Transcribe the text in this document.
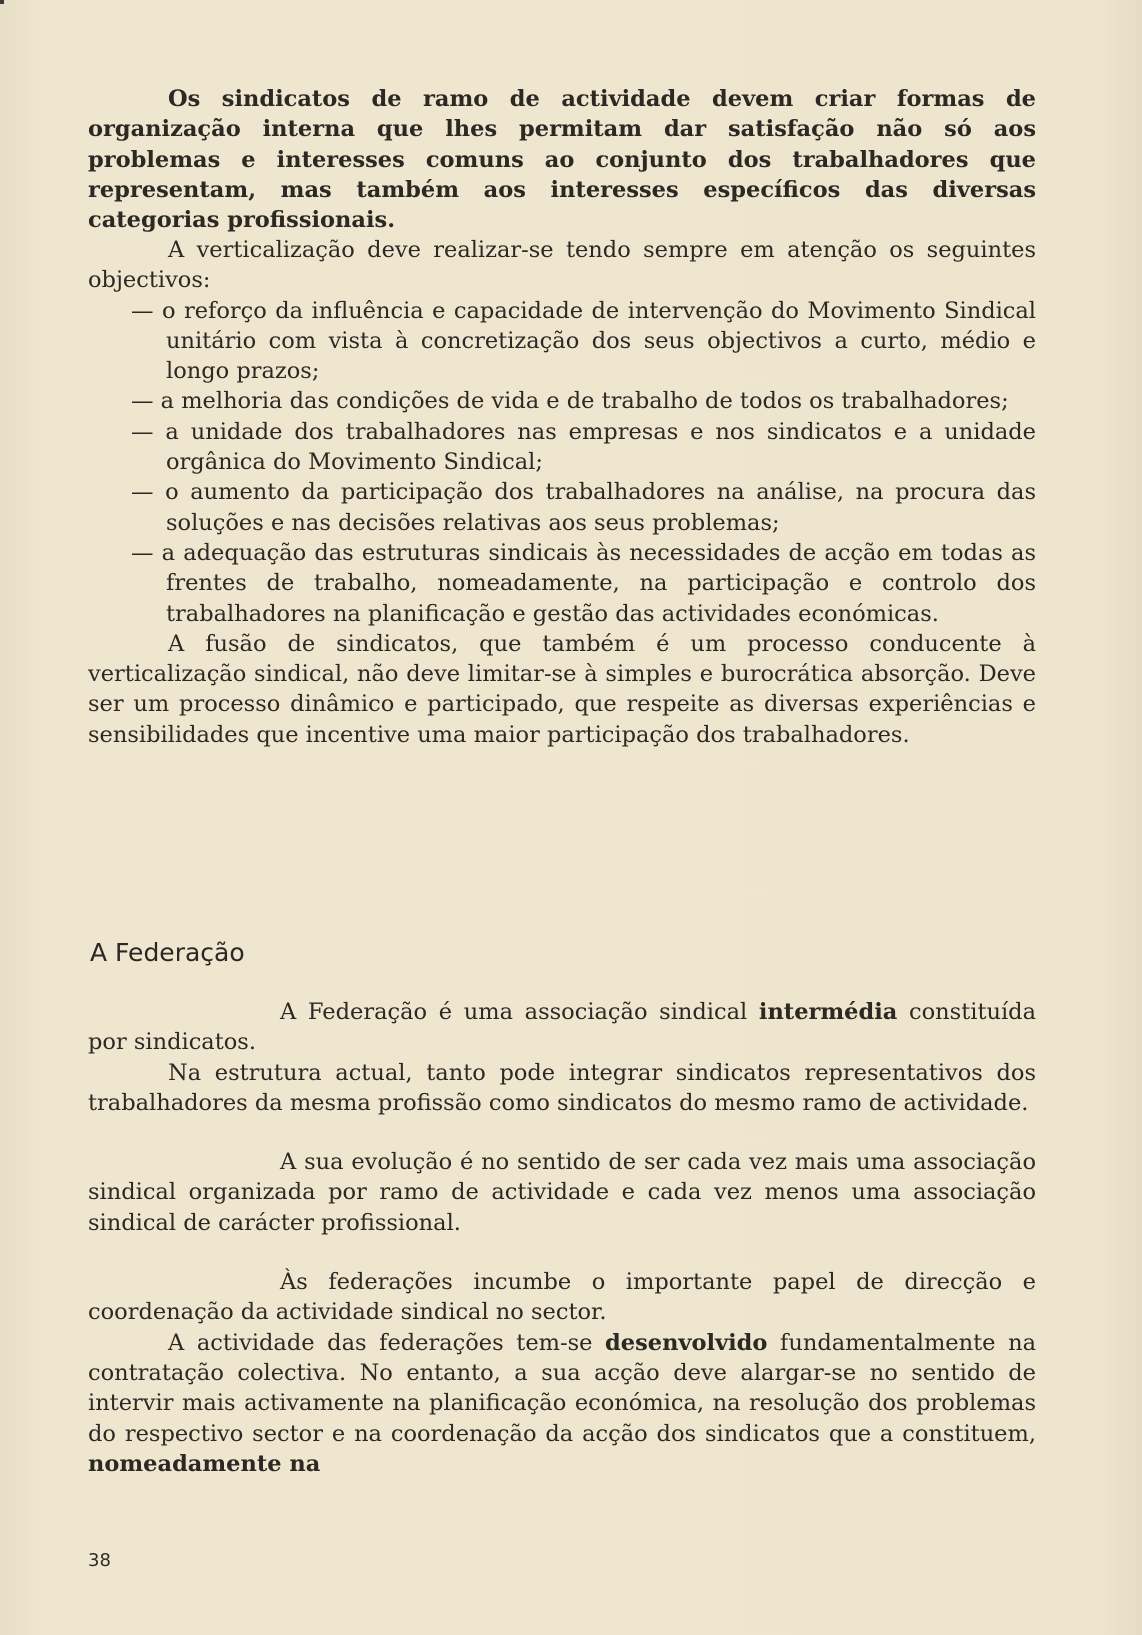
Os sindicatos de ramo de actividade devem criar formas de organização interna que lhes permitam dar satisfação não só aos problemas e interesses comuns ao conjunto dos trabalhadores que representam, mas também aos interesses específicos das diversas categorias profissionais.

A verticalização deve realizar-se tendo sempre em atenção os seguintes objectivos:

— o reforço da influência e capacidade de intervenção do Movimento Sindical unitário com vista à concretização dos seus objectivos a curto, médio e longo prazos;

— a melhoria das condições de vida e de trabalho de todos os trabalhadores;

— a unidade dos trabalhadores nas empresas e nos sindicatos e a unidade orgânica do Movimento Sindical;

— o aumento da participação dos trabalhadores na análise, na procura das soluções e nas decisões relativas aos seus problemas;

— a adequação das estruturas sindicais às necessidades de acção em todas as frentes de trabalho, nomeadamente, na participação e controlo dos trabalhadores na planificação e gestão das actividades económicas.

A fusão de sindicatos, que também é um processo conducente à verticalização sindical, não deve limitar-se à simples e burocrática absorção. Deve ser um processo dinâmico e participado, que respeite as diversas experiências e sensibilidades que incentive uma maior participação dos trabalhadores.

A Federação

A Federação é uma associação sindical intermédia constituída por sindicatos.

Na estrutura actual, tanto pode integrar sindicatos representativos dos trabalhadores da mesma profissão como sindicatos do mesmo ramo de actividade.

A sua evolução é no sentido de ser cada vez mais uma associação sindical organizada por ramo de actividade e cada vez menos uma associação sindical de carácter profissional.

Às federações incumbe o importante papel de direcção e coordenação da actividade sindical no sector.

A actividade das federações tem-se desenvolvido fundamentalmente na contratação colectiva. No entanto, a sua acção deve alargar-se no sentido de intervir mais activamente na planificação económica, na resolução dos problemas do respectivo sector e na coordenação da acção dos sindicatos que a constituem, nomeadamente na

38
